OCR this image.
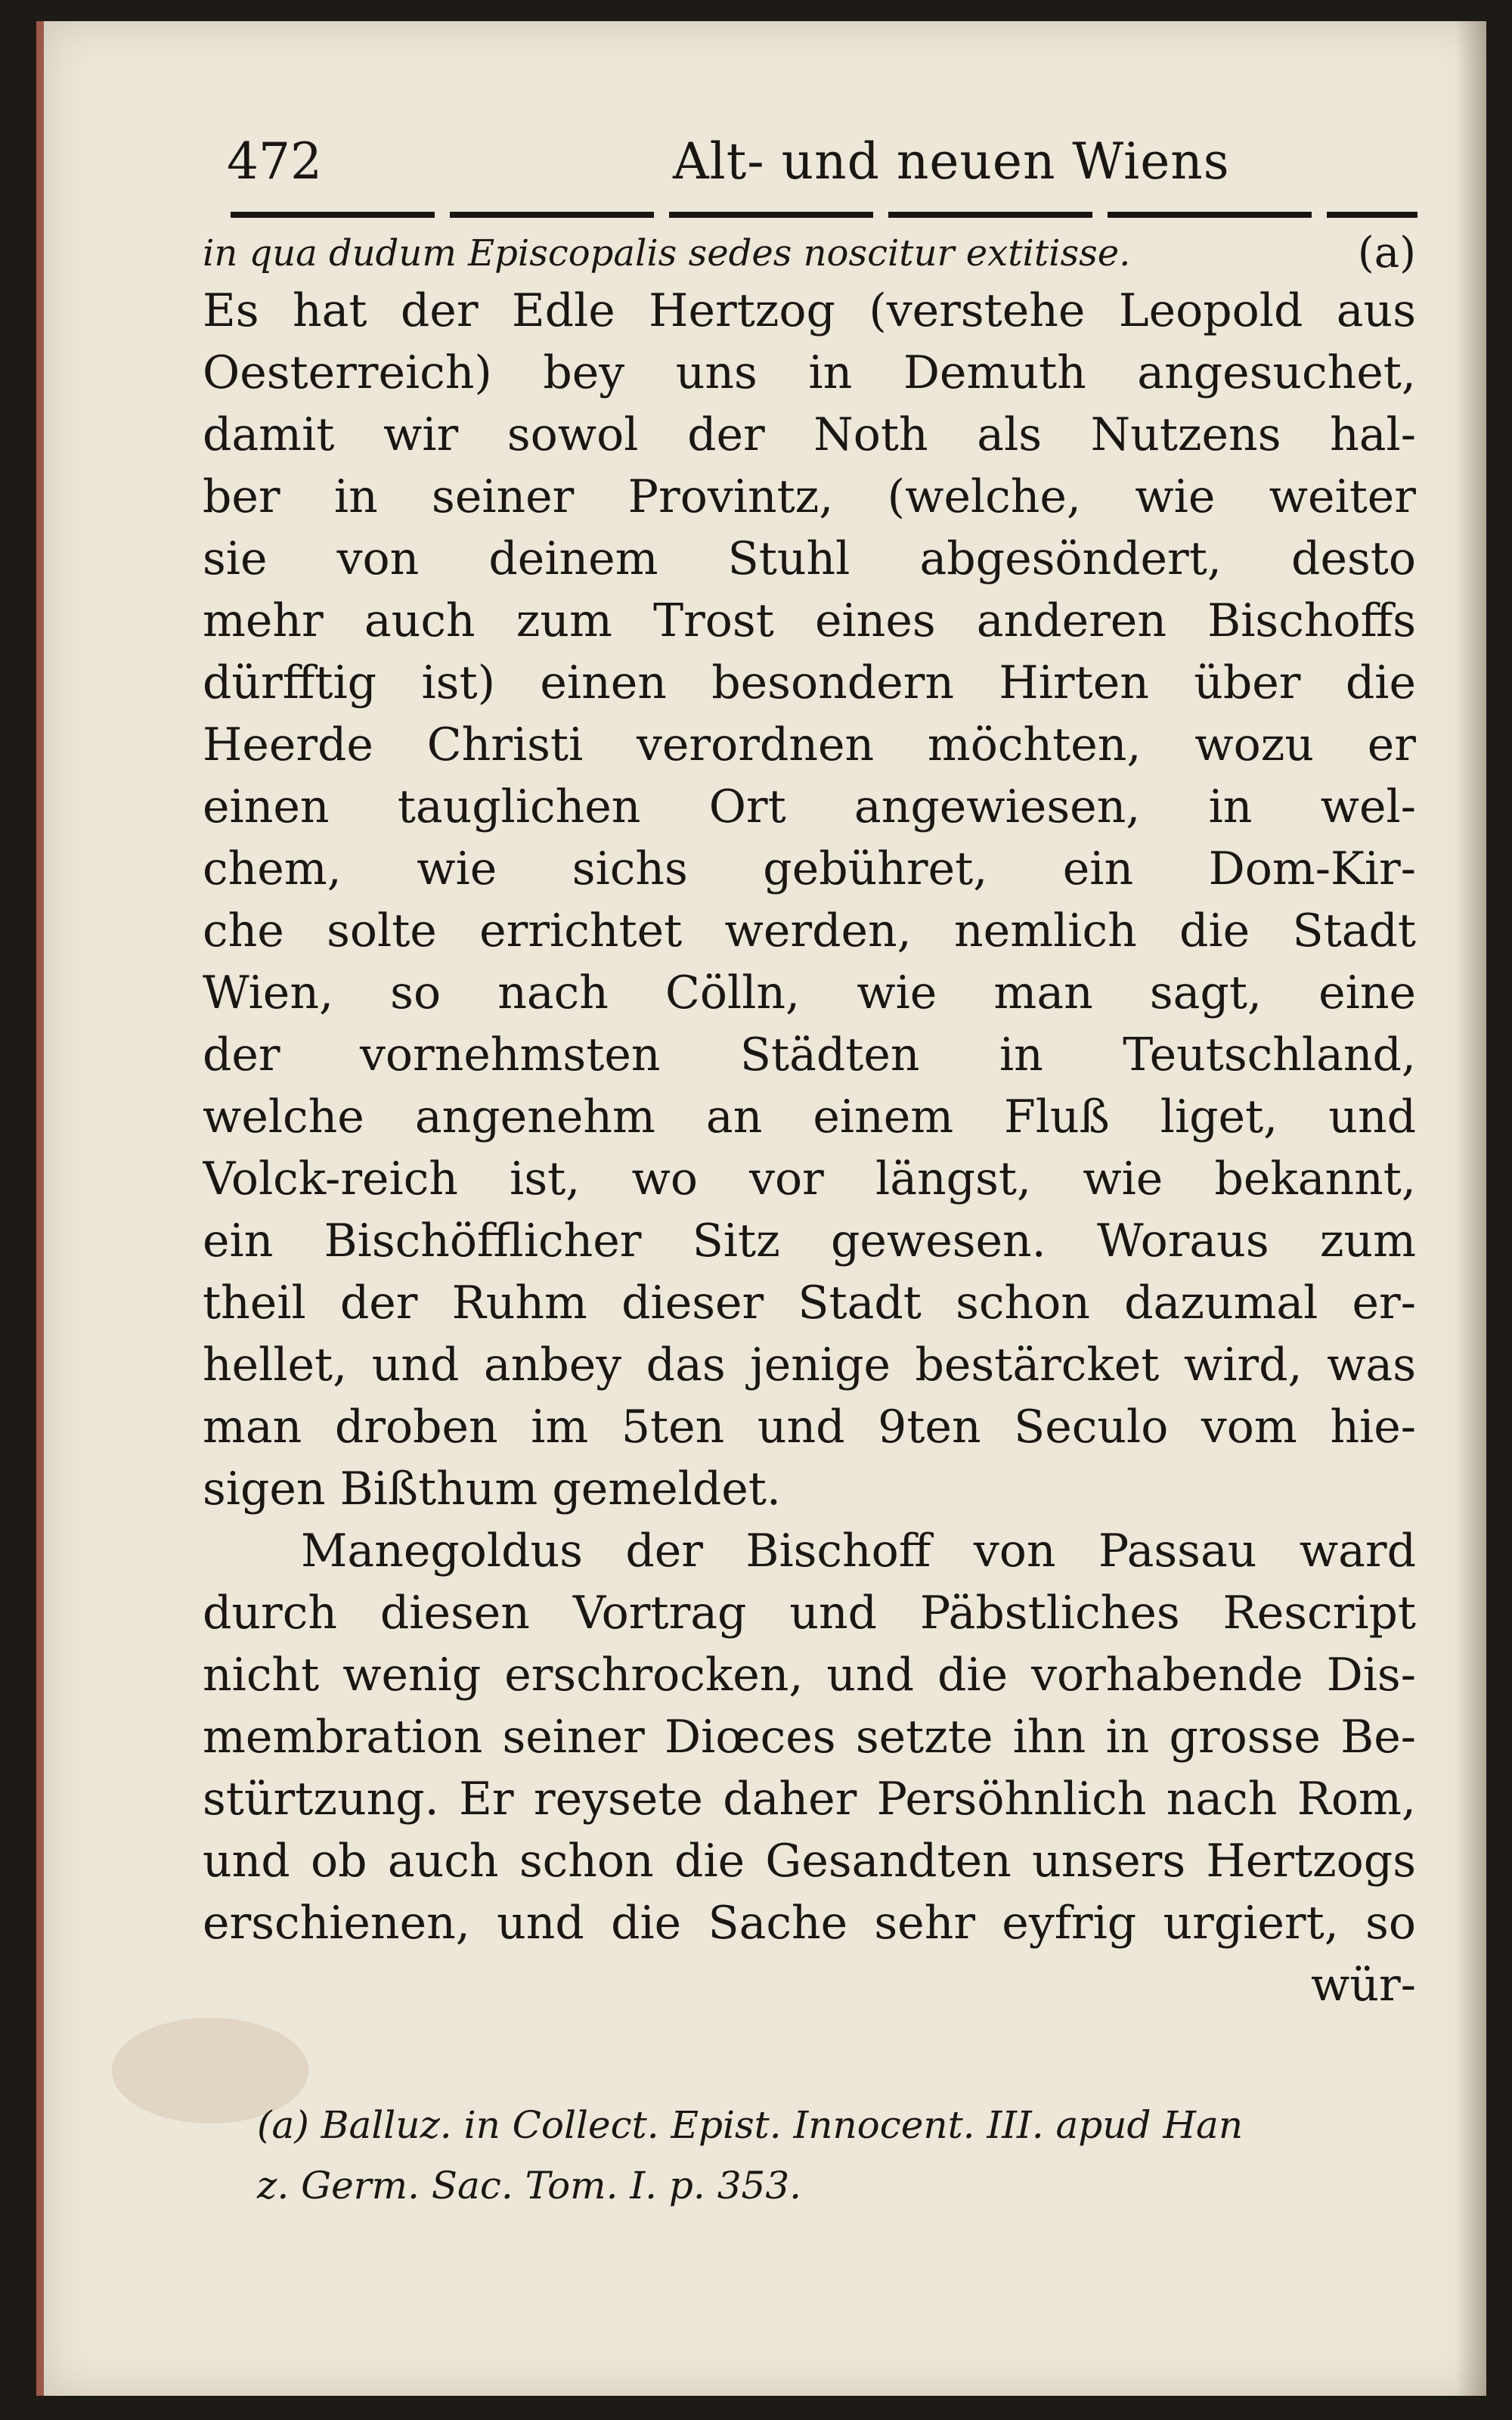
472	Alt- und neuen Wiens
in qua dudum Episcopalis sedes noscitur extitisse.	(a)
Es hat der Edle Hertzog (verstehe Leopold aus
Oesterreich) bey uns in Demuth angesuchet,
damit wir sowol der Noth als Nutzens hal-
ber in seiner Provintz, (welche, wie weiter
sie von deinem Stuhl abgesöndert, desto
mehr auch zum Trost eines anderen Bischoffs
dürfftig ist) einen besondern Hirten über die
Heerde Christi verordnen möchten, wozu er
einen tauglichen Ort angewiesen, in wel-
chem, wie sichs gebühret, ein Dom-Kir-
che solte errichtet werden, nemlich die Stadt
Wien, so nach Cölln, wie man sagt, eine
der vornehmsten Städten in Teutschland,
welche angenehm an einem Fluß liget, und
Volck-reich ist, wo vor längst, wie bekannt,
ein Bischöfflicher Sitz gewesen. Woraus zum
theil der Ruhm dieser Stadt schon dazumal er-
hellet, und anbey das jenige bestärcket wird, was
man droben im 5ten und 9ten Seculo vom hie-
sigen Bißthum gemeldet.
Manegoldus der Bischoff von Passau ward
durch diesen Vortrag und Päbstliches Rescript
nicht wenig erschrocken, und die vorhabende Dis-
membration seiner Diœces setzte ihn in grosse Be-
stürtzung. Er reysete daher Persöhnlich nach Rom,
und ob auch schon die Gesandten unsers Hertzogs
erschienen, und die Sache sehr eyfrig urgiert, so
wür-
(a) Balluz. in Collect. Epist. Innocent. III. apud Han
z. Germ. Sac. Tom. I. p. 353.
